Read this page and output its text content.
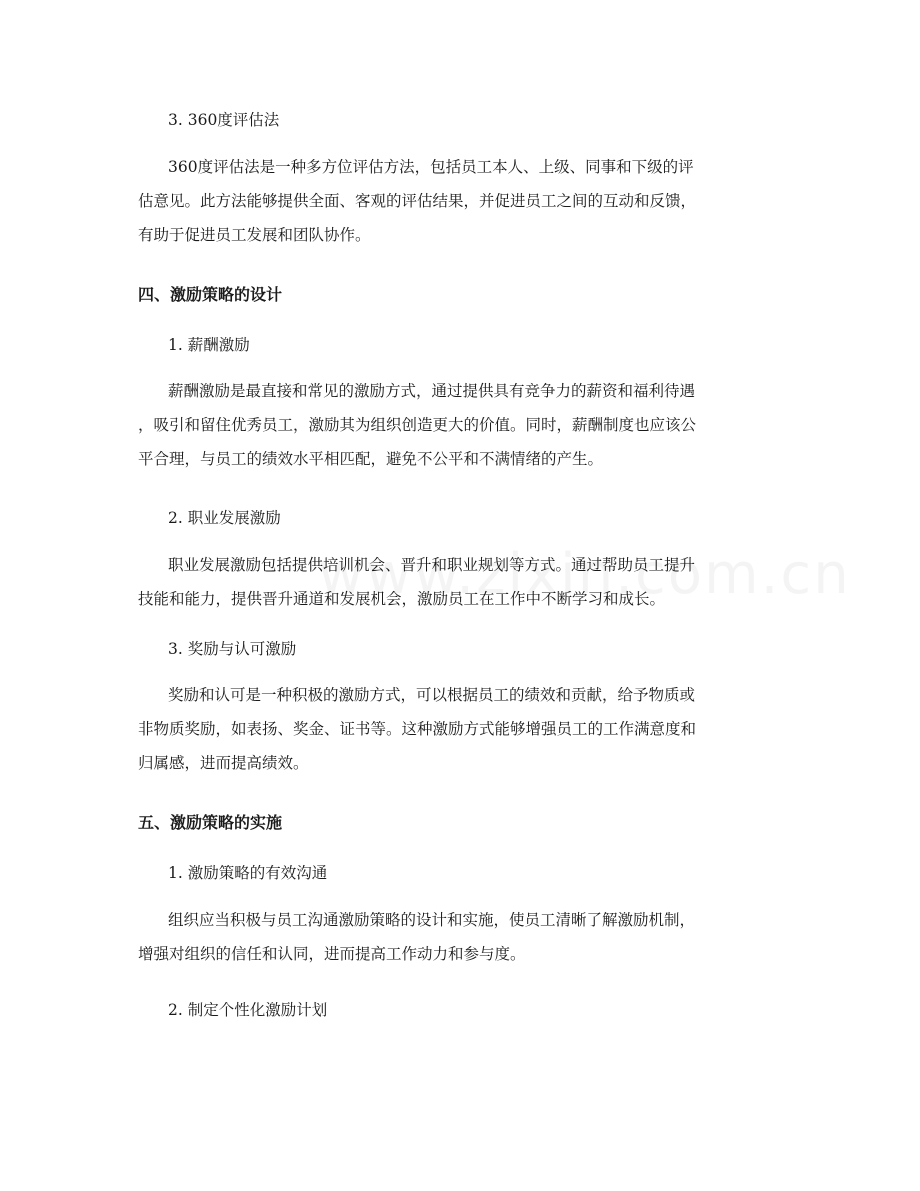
3. 360度评估法
360度评估法是一种多方位评估方法，包括员工本人、上级、同事和下级的评
估意见。此方法能够提供全面、客观的评估结果，并促进员工之间的互动和反馈，
有助于促进员工发展和团队协作。
四、激励策略的设计
1. 薪酬激励
薪酬激励是最直接和常见的激励方式，通过提供具有竞争力的薪资和福利待遇
，吸引和留住优秀员工，激励其为组织创造更大的价值。同时，薪酬制度也应该公
平合理，与员工的绩效水平相匹配，避免不公平和不满情绪的产生。
2. 职业发展激励
职业发展激励包括提供培训机会、晋升和职业规划等方式。通过帮助员工提升
技能和能力，提供晋升通道和发展机会，激励员工在工作中不断学习和成长。
3. 奖励与认可激励
奖励和认可是一种积极的激励方式，可以根据员工的绩效和贡献，给予物质或
非物质奖励，如表扬、奖金、证书等。这种激励方式能够增强员工的工作满意度和
归属感，进而提高绩效。
五、激励策略的实施
1. 激励策略的有效沟通
组织应当积极与员工沟通激励策略的设计和实施，使员工清晰了解激励机制，
增强对组织的信任和认同，进而提高工作动力和参与度。
2. 制定个性化激励计划
